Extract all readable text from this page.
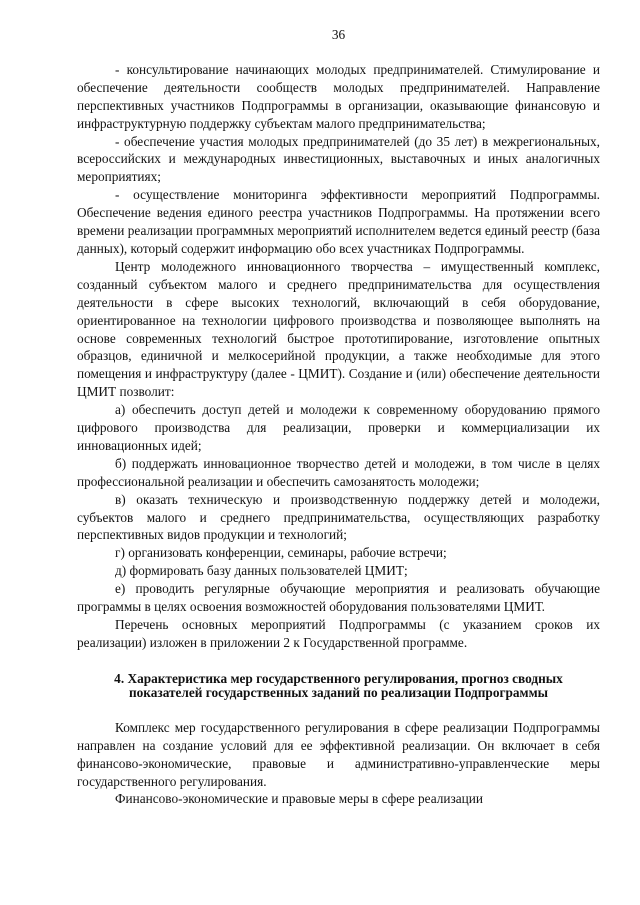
36

- консультирование начинающих молодых предпринимателей. Стимулирование и обеспечение деятельности сообществ молодых предпринимателей. Направление перспективных участников Подпрограммы в организации, оказывающие финансовую и инфраструктурную поддержку субъектам малого предпринимательства;

- обеспечение участия молодых предпринимателей (до 35 лет) в межрегиональных, всероссийских и международных инвестиционных, выставочных и иных аналогичных мероприятиях;

- осуществление мониторинга эффективности мероприятий Подпрограммы. Обеспечение ведения единого реестра участников Подпрограммы. На протяжении всего времени реализации программных мероприятий исполнителем ведется единый реестр (база данных), который содержит информацию обо всех участниках Подпрограммы.

Центр молодежного инновационного творчества – имущественный комплекс, созданный субъектом малого и среднего предпринимательства для осуществления деятельности в сфере высоких технологий, включающий в себя оборудование, ориентированное на технологии цифрового производства и позволяющее выполнять на основе современных технологий быстрое прототипирование, изготовление опытных образцов, единичной и мелкосерийной продукции, а также необходимые для этого помещения и инфраструктуру (далее - ЦМИТ). Создание и (или) обеспечение деятельности ЦМИТ позволит:

а) обеспечить доступ детей и молодежи к современному оборудованию прямого цифрового производства для реализации, проверки и коммерциализации их инновационных идей;

б) поддержать инновационное творчество детей и молодежи, в том числе в целях профессиональной реализации и обеспечить самозанятость молодежи;

в) оказать техническую и производственную поддержку детей и молодежи, субъектов малого и среднего предпринимательства, осуществляющих разработку перспективных видов продукции и технологий;

г) организовать конференции, семинары, рабочие встречи;

д) формировать базу данных пользователей ЦМИТ;

е) проводить регулярные обучающие мероприятия и реализовать обучающие программы в целях освоения возможностей оборудования пользователями ЦМИТ.

Перечень основных мероприятий Подпрограммы (с указанием сроков их реализации) изложен в приложении 2 к Государственной программе.

4. Характеристика мер государственного регулирования, прогноз сводных показателей государственных заданий по реализации Подпрограммы

Комплекс мер государственного регулирования в сфере реализации Подпрограммы направлен на создание условий для ее эффективной реализации. Он включает в себя финансово-экономические, правовые и административно-управленческие меры государственного регулирования.

Финансово-экономические и правовые меры в сфере реализации
